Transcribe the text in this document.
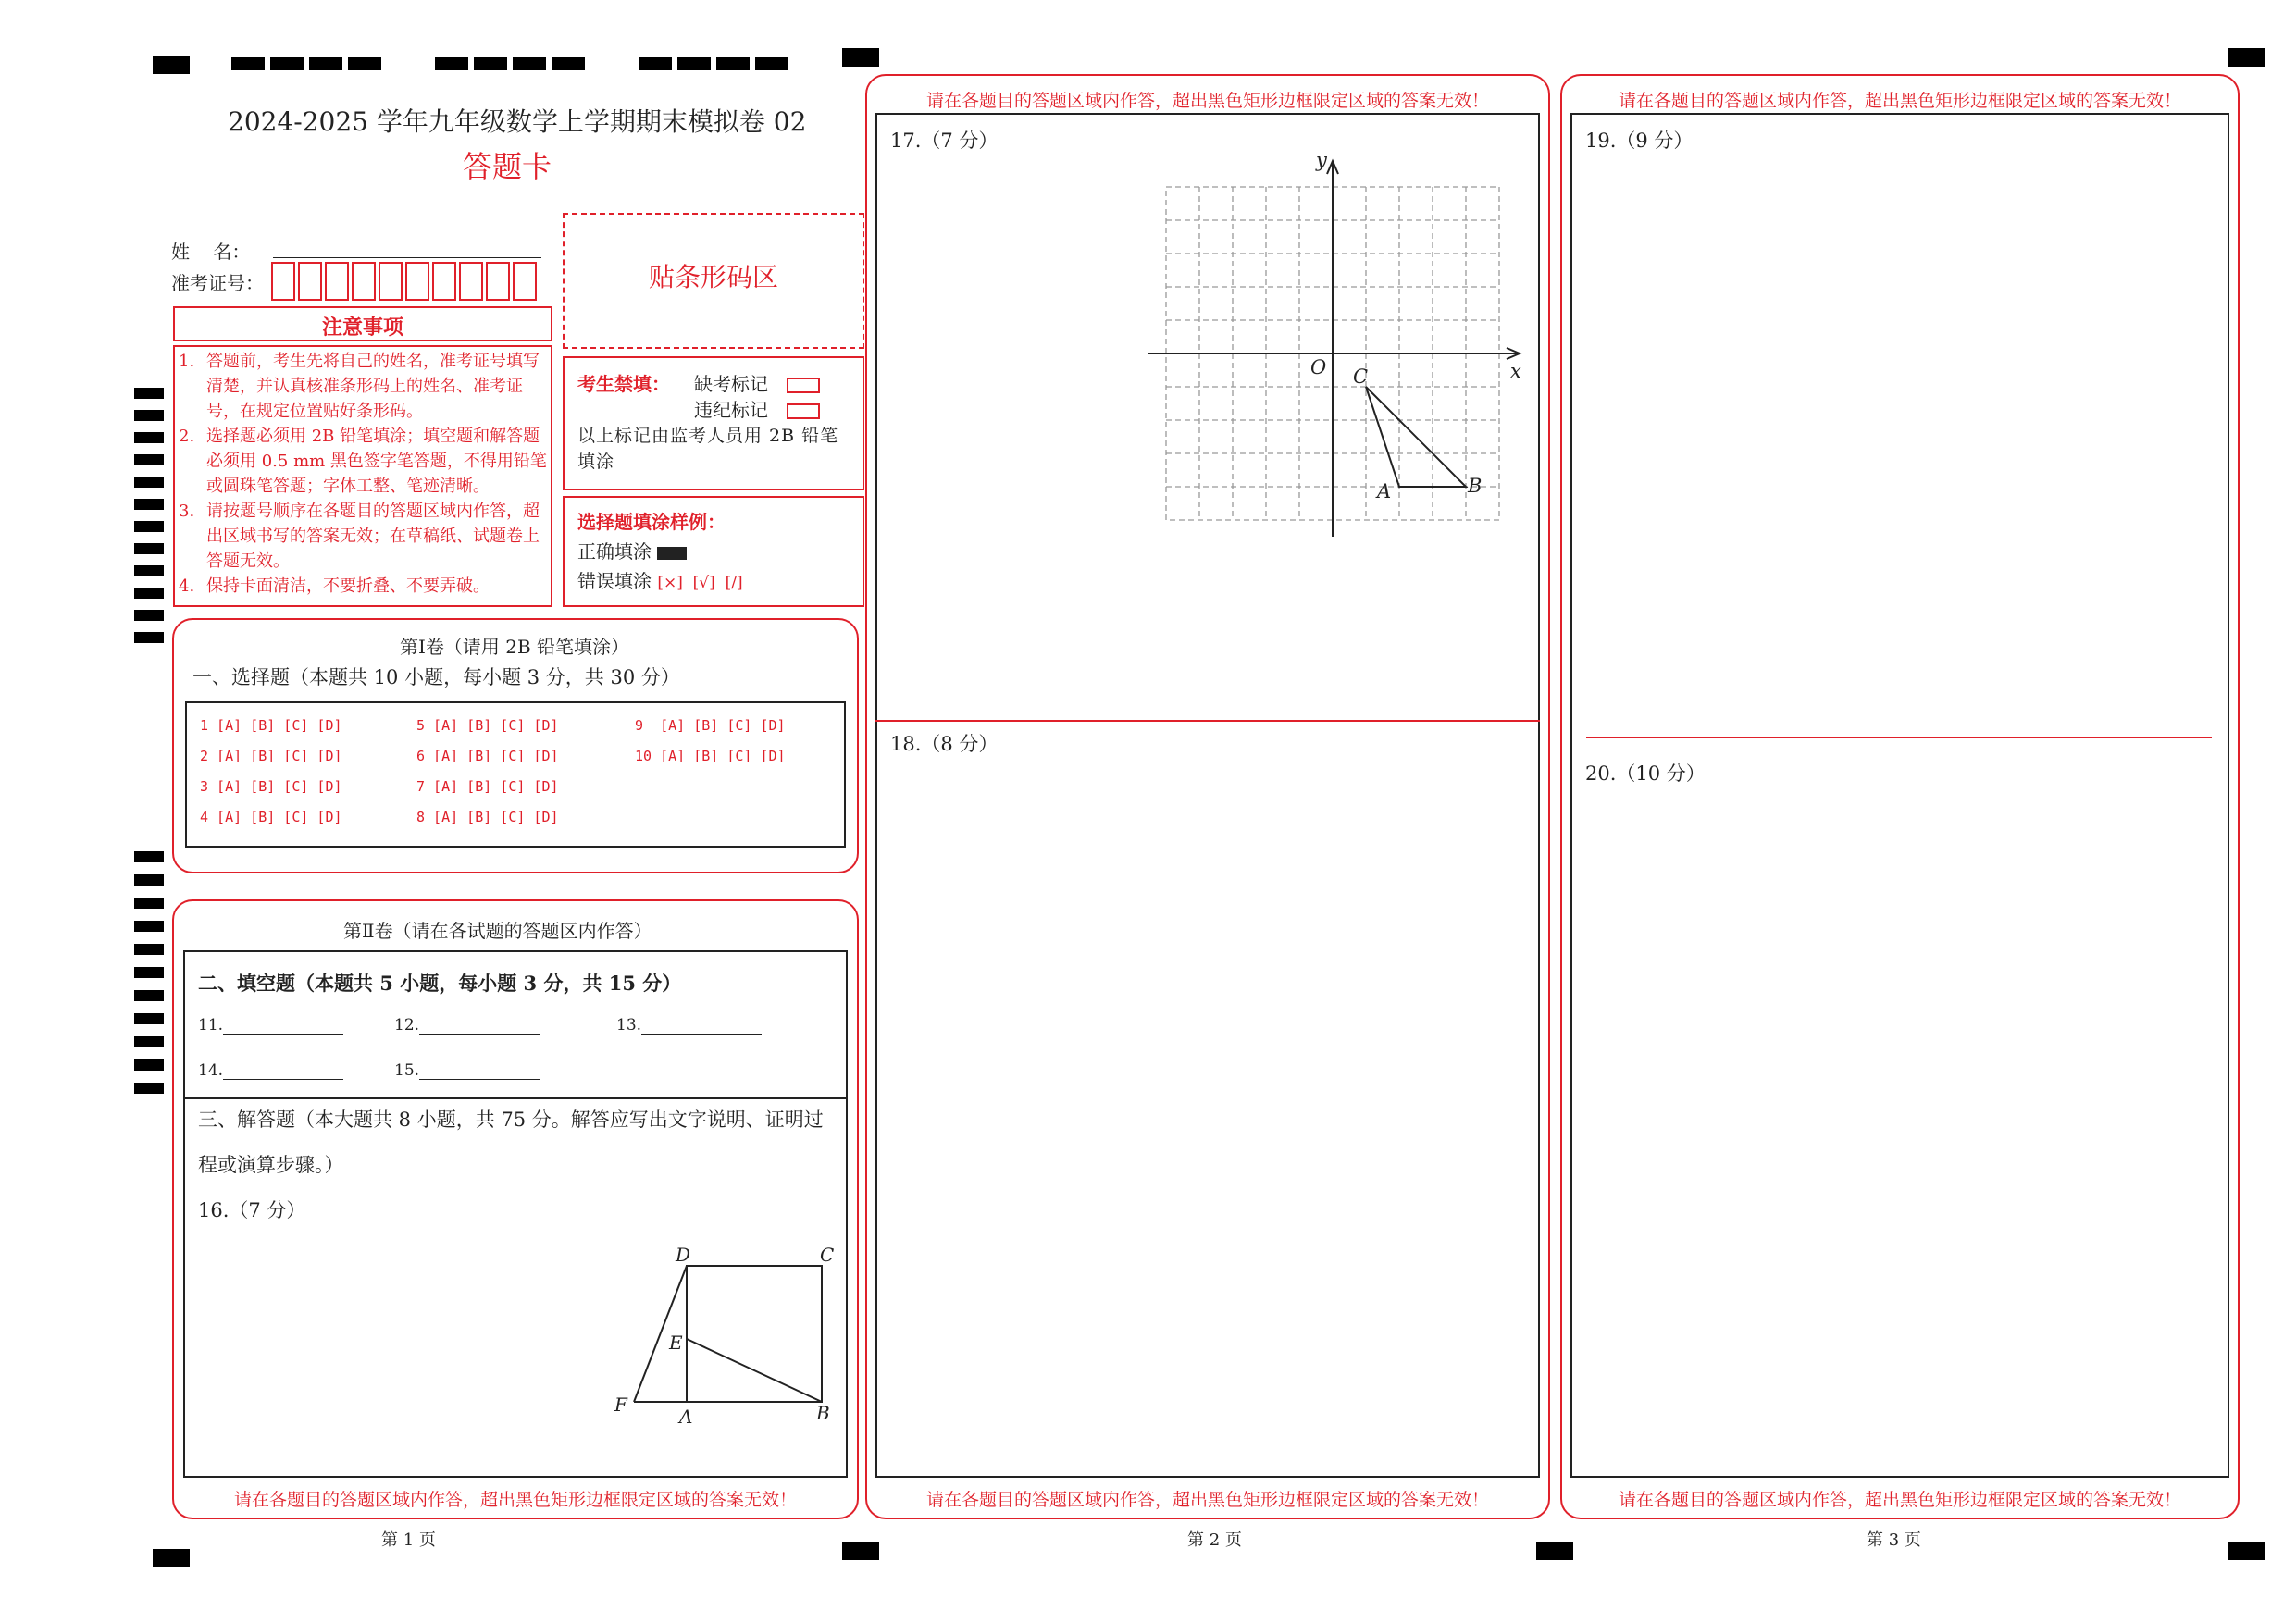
2024-2025 学年九年级数学上学期期末模拟卷 02
答题卡
姓    名：
准考证号：	贴条形码区
注意事项
1. 答题前，考生先将自己的姓名，准考证号填写清楚，并认真核准条形码上的姓名、准考证号，在规定位置贴好条形码。
2. 选择题必须用 2B 铅笔填涂；填空题和解答题必须用 0.5 mm 黑色签字笔答题，不得用铅笔或圆珠笔答题；字体工整、笔迹清晰。
3. 请按题号顺序在各题目的答题区域内作答，超出区域书写的答案无效；在草稿纸、试题卷上答题无效。
4. 保持卡面清洁，不要折叠、不要弄破。
考生禁填： 缺考标记
违纪标记
以上标记由监考人员用 2B 铅笔填涂
选择题填涂样例：
正确填涂
错误填涂 [×]  [√]  [/]
第Ⅰ卷（请用 2B 铅笔填涂）
一、选择题（本题共 10 小题，每小题 3 分，共 30 分）
1 [A] [B] [C] [D]
2 [A] [B] [C] [D]
3 [A] [B] [C] [D]
4 [A] [B] [C] [D]
5 [A] [B] [C] [D]
6 [A] [B] [C] [D]
7 [A] [B] [C] [D]
8 [A] [B] [C] [D]
9  [A] [B] [C] [D]
10 [A] [B] [C] [D]
第Ⅱ卷（请在各试题的答题区内作答）
二、填空题（本题共 5 小题，每小题 3 分，共 15 分）
11.	12.	13.
14.	15.
三、解答题（本大题共 8 小题，共 75 分。解答应写出文字说明、证明过
程或演算步骤。）
16.（7 分）
D	C
E
F
A	B
请在各题目的答题区域内作答，超出黑色矩形边框限定区域的答案无效！
请在各题目的答题区域内作答，超出黑色矩形边框限定区域的答案无效！
17.（7 分）
18.（8 分）
y
x
O C
A	B
请在各题目的答题区域内作答，超出黑色矩形边框限定区域的答案无效！
请在各题目的答题区域内作答，超出黑色矩形边框限定区域的答案无效！
19.（9 分）
20.（10 分）
请在各题目的答题区域内作答，超出黑色矩形边框限定区域的答案无效！
第 1 页	第 2 页	第 3 页
